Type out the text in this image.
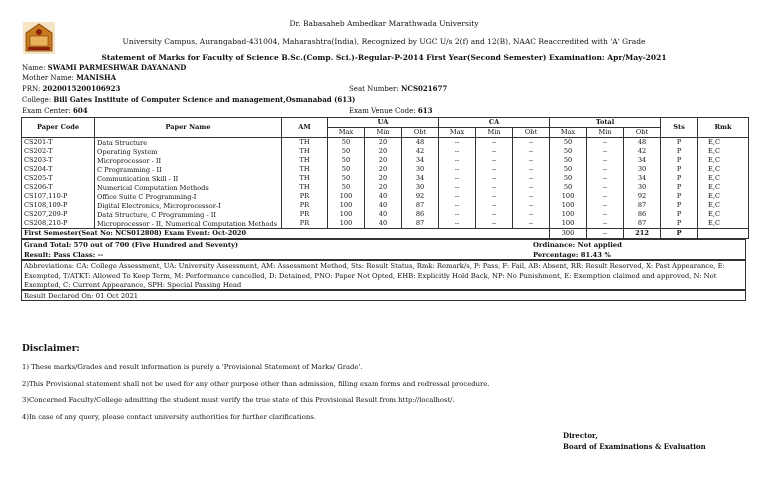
Dr. Babasaheb Ambedkar Marathwada University
University Campus, Aurangabad-431004, Maharashtra(India), Recognized by UGC U/s 2(f) and 12(B), NAAC Reaccredited with 'A' Grade
Statement of Marks for Faculty of Science B.Sc.(Comp. Sci.)-Regular-P-2014 First Year(Second Semester) Examination: Apr/May-2021
Name: SWAMI PARMESHWAR DAYANAND
Mother Name: MANISHA
PRN: 2020015200106923	Seat Number: NCS021677
College: Bill Gates Institute of Computer Science and management,Osmanabad (613)
Exam Center: 604	Exam Venue Code: 613
Paper Code	Paper Name	AM	UA			CA			Total			Sts	Rmk
			Max	Min	Obt	Max	Min	Obt	Max	Min	Obt		
CS201-T	Data Structure	TH	50	20	48	--	--	--	50	--	48	P	E,C
CS202-T	Operating System	TH	50	20	42	--	--	--	50	--	42	P	E,C
CS203-T	Microprocessor - II	TH	50	20	34	--	--	--	50	--	34	P	E,C
CS204-T	C Programming - II	TH	50	20	30	--	--	--	50	--	30	P	E,C
CS205-T	Communication Skill - II	TH	50	20	34	--	--	--	50	--	34	P	E,C
CS206-T	Numerical Computation Methods	TH	50	20	30	--	--	--	50	--	30	P	E,C
CS107,110-P	Office Suite C Programming-I	PR	100	40	92	--	--	--	100	--	92	P	E,C
CS108,109-P	Digital Electronics, Microprocessor-I	PR	100	40	87	--	--	--	100	--	87	P	E,C
CS207,209-P	Data Structure, C Programming - II	PR	100	40	86	--	--	--	100	--	86	P	E,C
CS208,210-P	Microprocessor - II, Numerical Computation Methods	PR	100	40	87	--	--	--	100	--	87	P	E,C
First Semester(Seat No: NCS012808) Exam Event: Oct-2020									300	--	212	P	
Grand Total: 570 out of 700 (Five Hundred and Seventy)	Ordinance: Not applied
Result: Pass Class: --	Percentage: 81.43 %
Abbreviations: CA: College Assessment, UA: University Assessment, AM: Assessment Method, Sts: Result Status, Rmk: Remark/s, P: Pass, F: Fail, AB: Absent, RR: Result Reserved, X: Past Appearance, E: Exempted, T/ATKT: Allowed To Keep Term, M: Performance cancelled, D: Detained, PNO: Paper Not Opted, EHB: Explicitly Hold Back, NP: No Punishment, E: Exemption claimed and approved, N: Not Exempted, C: Current Appearance, SPH: Special Passing Head
Result Declared On: 01 Oct 2021
Disclaimer:
1) These marks/Grades and result information is purely a 'Provisional Statement of Marks/ Grade'.
2)This Provisional statement shall not be used for any other purpose other than admission, filling exam forms and redressal procedure.
3)Concerned Faculty/College admitting the student must verify the true state of this Provisional Result from http://localhost/.
4)In case of any query, please contact university authorities for further clarifications.
Director,
Board of Examinations & Evaluation
